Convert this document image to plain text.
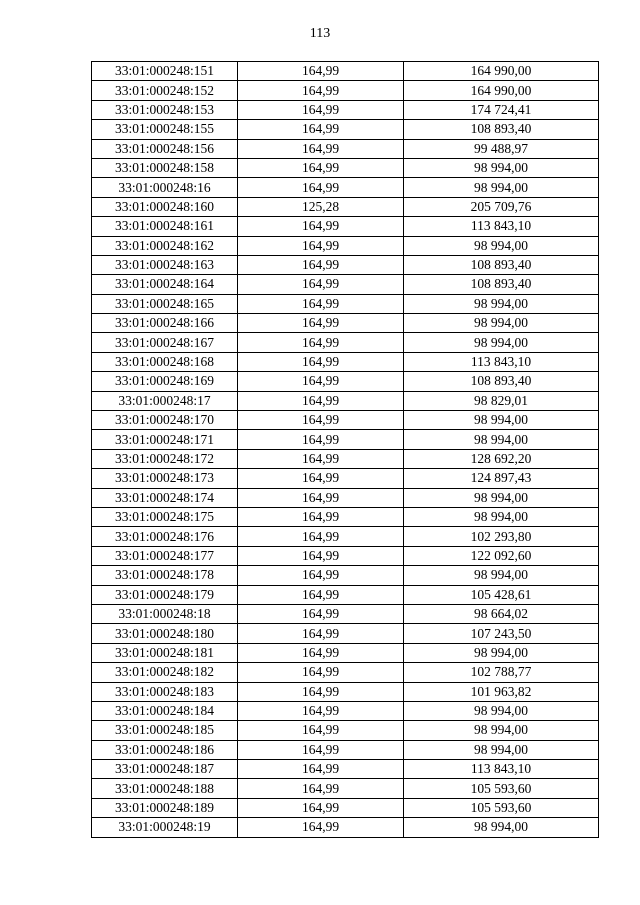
113
33:01:000248:151	164,99	164 990,00
33:01:000248:152	164,99	164 990,00
33:01:000248:153	164,99	174 724,41
33:01:000248:155	164,99	108 893,40
33:01:000248:156	164,99	99 488,97
33:01:000248:158	164,99	98 994,00
33:01:000248:16	164,99	98 994,00
33:01:000248:160	125,28	205 709,76
33:01:000248:161	164,99	113 843,10
33:01:000248:162	164,99	98 994,00
33:01:000248:163	164,99	108 893,40
33:01:000248:164	164,99	108 893,40
33:01:000248:165	164,99	98 994,00
33:01:000248:166	164,99	98 994,00
33:01:000248:167	164,99	98 994,00
33:01:000248:168	164,99	113 843,10
33:01:000248:169	164,99	108 893,40
33:01:000248:17	164,99	98 829,01
33:01:000248:170	164,99	98 994,00
33:01:000248:171	164,99	98 994,00
33:01:000248:172	164,99	128 692,20
33:01:000248:173	164,99	124 897,43
33:01:000248:174	164,99	98 994,00
33:01:000248:175	164,99	98 994,00
33:01:000248:176	164,99	102 293,80
33:01:000248:177	164,99	122 092,60
33:01:000248:178	164,99	98 994,00
33:01:000248:179	164,99	105 428,61
33:01:000248:18	164,99	98 664,02
33:01:000248:180	164,99	107 243,50
33:01:000248:181	164,99	98 994,00
33:01:000248:182	164,99	102 788,77
33:01:000248:183	164,99	101 963,82
33:01:000248:184	164,99	98 994,00
33:01:000248:185	164,99	98 994,00
33:01:000248:186	164,99	98 994,00
33:01:000248:187	164,99	113 843,10
33:01:000248:188	164,99	105 593,60
33:01:000248:189	164,99	105 593,60
33:01:000248:19	164,99	98 994,00
